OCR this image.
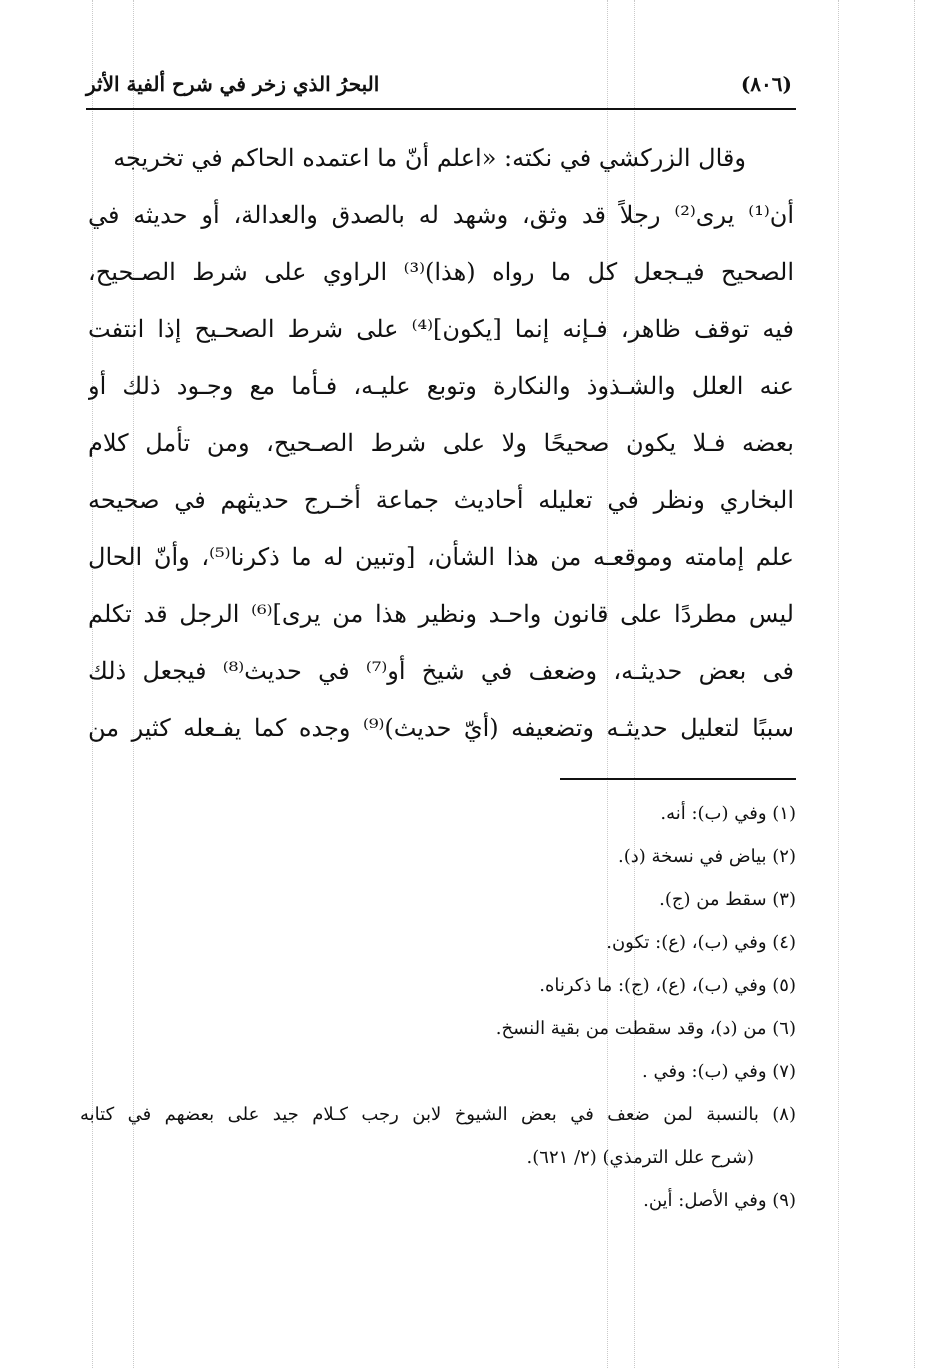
(٨٠٦)
البحرُ الذي زخر في شرح ألفية الأثر
وقال الزركشي في نكته: «اعلم أنّ ما اعتمده الحاكم في تخريجه
أن⁽¹⁾ يرى⁽²⁾ رجلاً قد وثق، وشهد له بالصدق والعدالة، أو حديثه في
الصحيح فيـجعل كل ما رواه (هذا)⁽³⁾ الراوي على شرط الصـحيح،
فيه توقف ظاهر، فـإنه إنما [يكون]⁽⁴⁾ على شرط الصحـيح إذا انتفت
عنه العلل والشـذوذ والنكارة وتوبع عليـه، فـأما مع وجـود ذلك أو
بعضه فـلا يكون صحيحًا ولا على شرط الصـحيح، ومن تأمل كلام
البخاري ونظر في تعليله أحاديث جماعة أخـرج حديثهم في صحيحه
علم إمامته وموقعـه من هذا الشأن، [وتبين له ما ذكرنا⁽⁵⁾، وأنّ الحال
ليس مطردًا على قانون واحـد ونظير هذا من يرى]⁽⁶⁾ الرجل قد تكلم
فى بعض حديثـه، وضعف في شيخ أو⁽⁷⁾ في حديث⁽⁸⁾ فيجعل ذلك
سببًا لتعليل حديثـه وتضعيفه (أيّ حديث)⁽⁹⁾ وجده كما يفـعله كثير من
(١) وفي (ب): أنه.
(٢) بياض في نسخة (د).
(٣) سقط من (ج).
(٤) وفي (ب)، (ع): تكون.
(٥) وفي (ب)، (ع)، (ج): ما ذكرناه.
(٦) من (د)، وقد سقطت من بقية النسخ.
(٧) وفي (ب): وفي .
(٨) بالنسبة لمن ضعف في بعض الشيوخ لابن رجب كـلام جيد على بعضهم في كتابه
(شرح علل الترمذي) (٢/ ٦٢١).
(٩) وفي الأصل: أين.
